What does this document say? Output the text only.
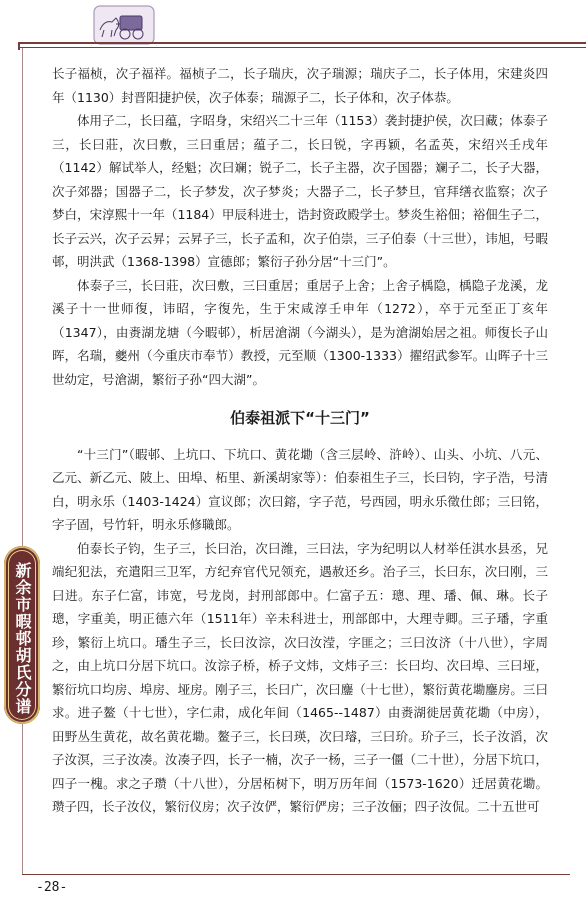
新余市暇邨胡氏分谱

长子福桢，次子福祥。福桢子二，长子瑞庆，次子瑞源；瑞庆子二，长子体用，宋建炎四年（1130）封晋阳捷护侯，次子体泰；瑞源子二，长子体和，次子体恭。

体用子二，长曰蕴，字昭身，宋绍兴二十三年（1153）袭封捷护侯，次曰藏；体泰子三，长曰莊，次曰敷，三曰重居；蕴子二，长曰锐，字再颖，名孟英，宋绍兴壬戌年（1142）解试举人，经魁；次曰斓；锐子二，长子主器，次子国器；斓子二，长子大器，次子郊器；国器子二，长子梦发，次子梦炎；大器子二，长子梦旦，官拜缮衣监察；次子梦白，宋淳熙十一年（1184）甲辰科进士，诰封资政殿学士。梦炎生裕佃；裕佃生子二，长子云兴，次子云昇；云昇子三，长子孟和，次子伯崇，三子伯泰（十三世），讳旭，号暇邨，明洪武（1368-1398）宣德郎；繁衍子孙分居“十三门”。

体泰子三，长曰莊，次曰敷，三曰重居；重居子上舍；上舍子楀隐，楀隐子龙溪，龙溪子十一世师復，讳昭，字復先，生于宋咸淳壬申年（1272），卒于元至正丁亥年（1347），由赉湖龙塘（今暇邨），析居滄湖（今湖头），是为滄湖始居之祖。师復长子山晖，名瑞，夔州（今重庆市奉节）教授，元至顺（1300-1333）擢绍武参军。山晖子十三世幼定，号滄湖，繁衍子孙“四大湖”。

伯泰祖派下“十三门”

“十三门”（暇邨、上坑口、下坑口、黄花墈（含三层岭、浒岭）、山头、小坑、八元、乙元、新乙元、陂上、田埠、柘里、新溪胡家等）：伯泰祖生子三，长曰钧，字子浩，号清白，明永乐（1403-1424）宣议郎；次曰鎔，字子范，号西园，明永乐徵仕郎；三曰铭，字子固，号竹轩，明永乐修職郎。

伯泰长子钧，生子三，长曰治，次曰潍，三曰法，字为纪明以人材举任淇水县丞，兄端纪犯法，充遣阳三卫军，方纪弃官代兄领充，遇赦还乡。治子三，长曰东，次曰刚，三曰进。东子仁富，讳宽，号龙岗，封刑部郎中。仁富子五：璁、理、璠、佩、琳。长子璁，字重美，明正德六年（1511年）辛未科进士，刑部郎中，大理寺卿。三子璠，字重珍，繁衍上坑口。璠生子三，长曰汝淙，次曰汝滢，字匪之；三曰汝济（十八世），字周之，由上坑口分居下坑口。汝淙子桥，桥子文炜，文炜子三：长曰均、次曰埠、三曰垭，繁衍坑口均房、埠房、垭房。刚子三，长曰广，次曰鏖（十七世），繁衍黄花墈鏖房。三曰求。进子鳌（十七世），字仁肃，成化年间（1465--1487）由赉湖徙居黄花墈（中房），田野丛生黄花，故名黄花墈。鳌子三，长曰瑛，次曰璿，三曰玠。玠子三，长子汝滔，次子汝溟，三子汝凑。汝凑子四，长子一楠，次子一杨，三子一僵（二十世），分居下坑口，四子一槐。求之子瓒（十八世），分居柘树下，明万历年间（1573-1620）迁居黄花墈。瓒子四，长子汝仪，繁衍仪房；次子汝俨，繁衍俨房；三子汝俪；四子汝侃。二十五世可

-28-
